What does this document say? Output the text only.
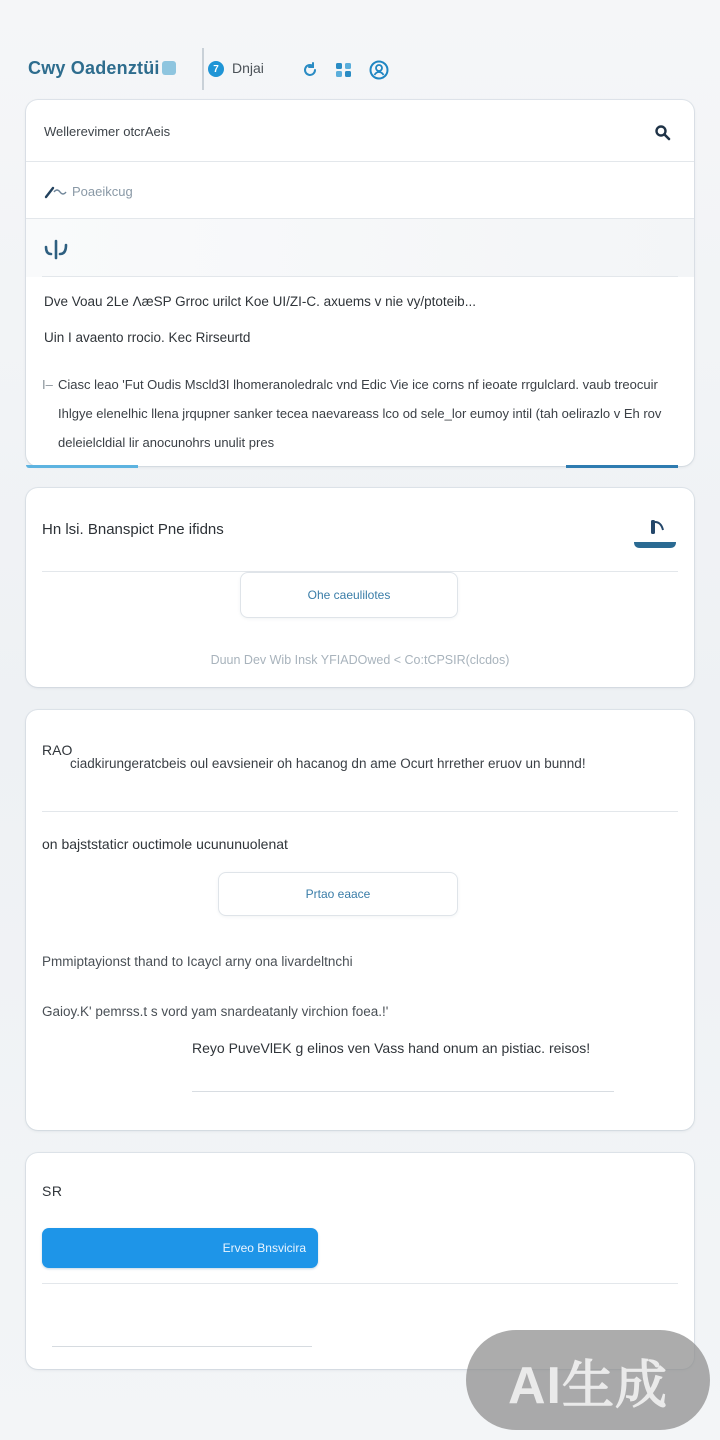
Cwy Oadenztüi	7 Dnjai
Wellerevimer otcrAeis
Poaeikcug
Dve Voau 2Le ɅæSP Grroc urilct Koe UI/ZI-C. axuems v nie vy/ptoteib...
Uin I avaento rrocio. Kec Rirseurtd
I– Ciasc leao 'Fut Oudis Mscld3I lhomeranoledralc vnd Edic Vie ice corns nf ieoate rrgulclard. vaub treocuir Ihlgye elenelhic llena jrqupner sanker tecea naevareass lco od sele_lor eumoy intil (tah oelirazlo v Eh rov deleielcldial lir anocunohrs unulit pres
Hn lsi. Bnanspict Pne ifidns
Ohe caeulilotes
Duun Dev Wib Insk YFIADOwed < Co:tCPSIR(clcdos)
RAO
ciadkirungeratcbeis oul eavsieneir oh hacanog dn ame Ocurt hrrether eruov un bunnd!
on bajststaticr ouctimole ucununuolenat
Prtao eaace
Pmmiptayionst thand to Icaycl arny ona livardeltnchi
Gaioy.K' pemrss.t s vord yam snardeatanly virchion foea.!'
Reyo PuveVlEK g elinos ven Vass hand onum an pistiac. reisos!
SR
Erveo Bnsvicira
AI生成
